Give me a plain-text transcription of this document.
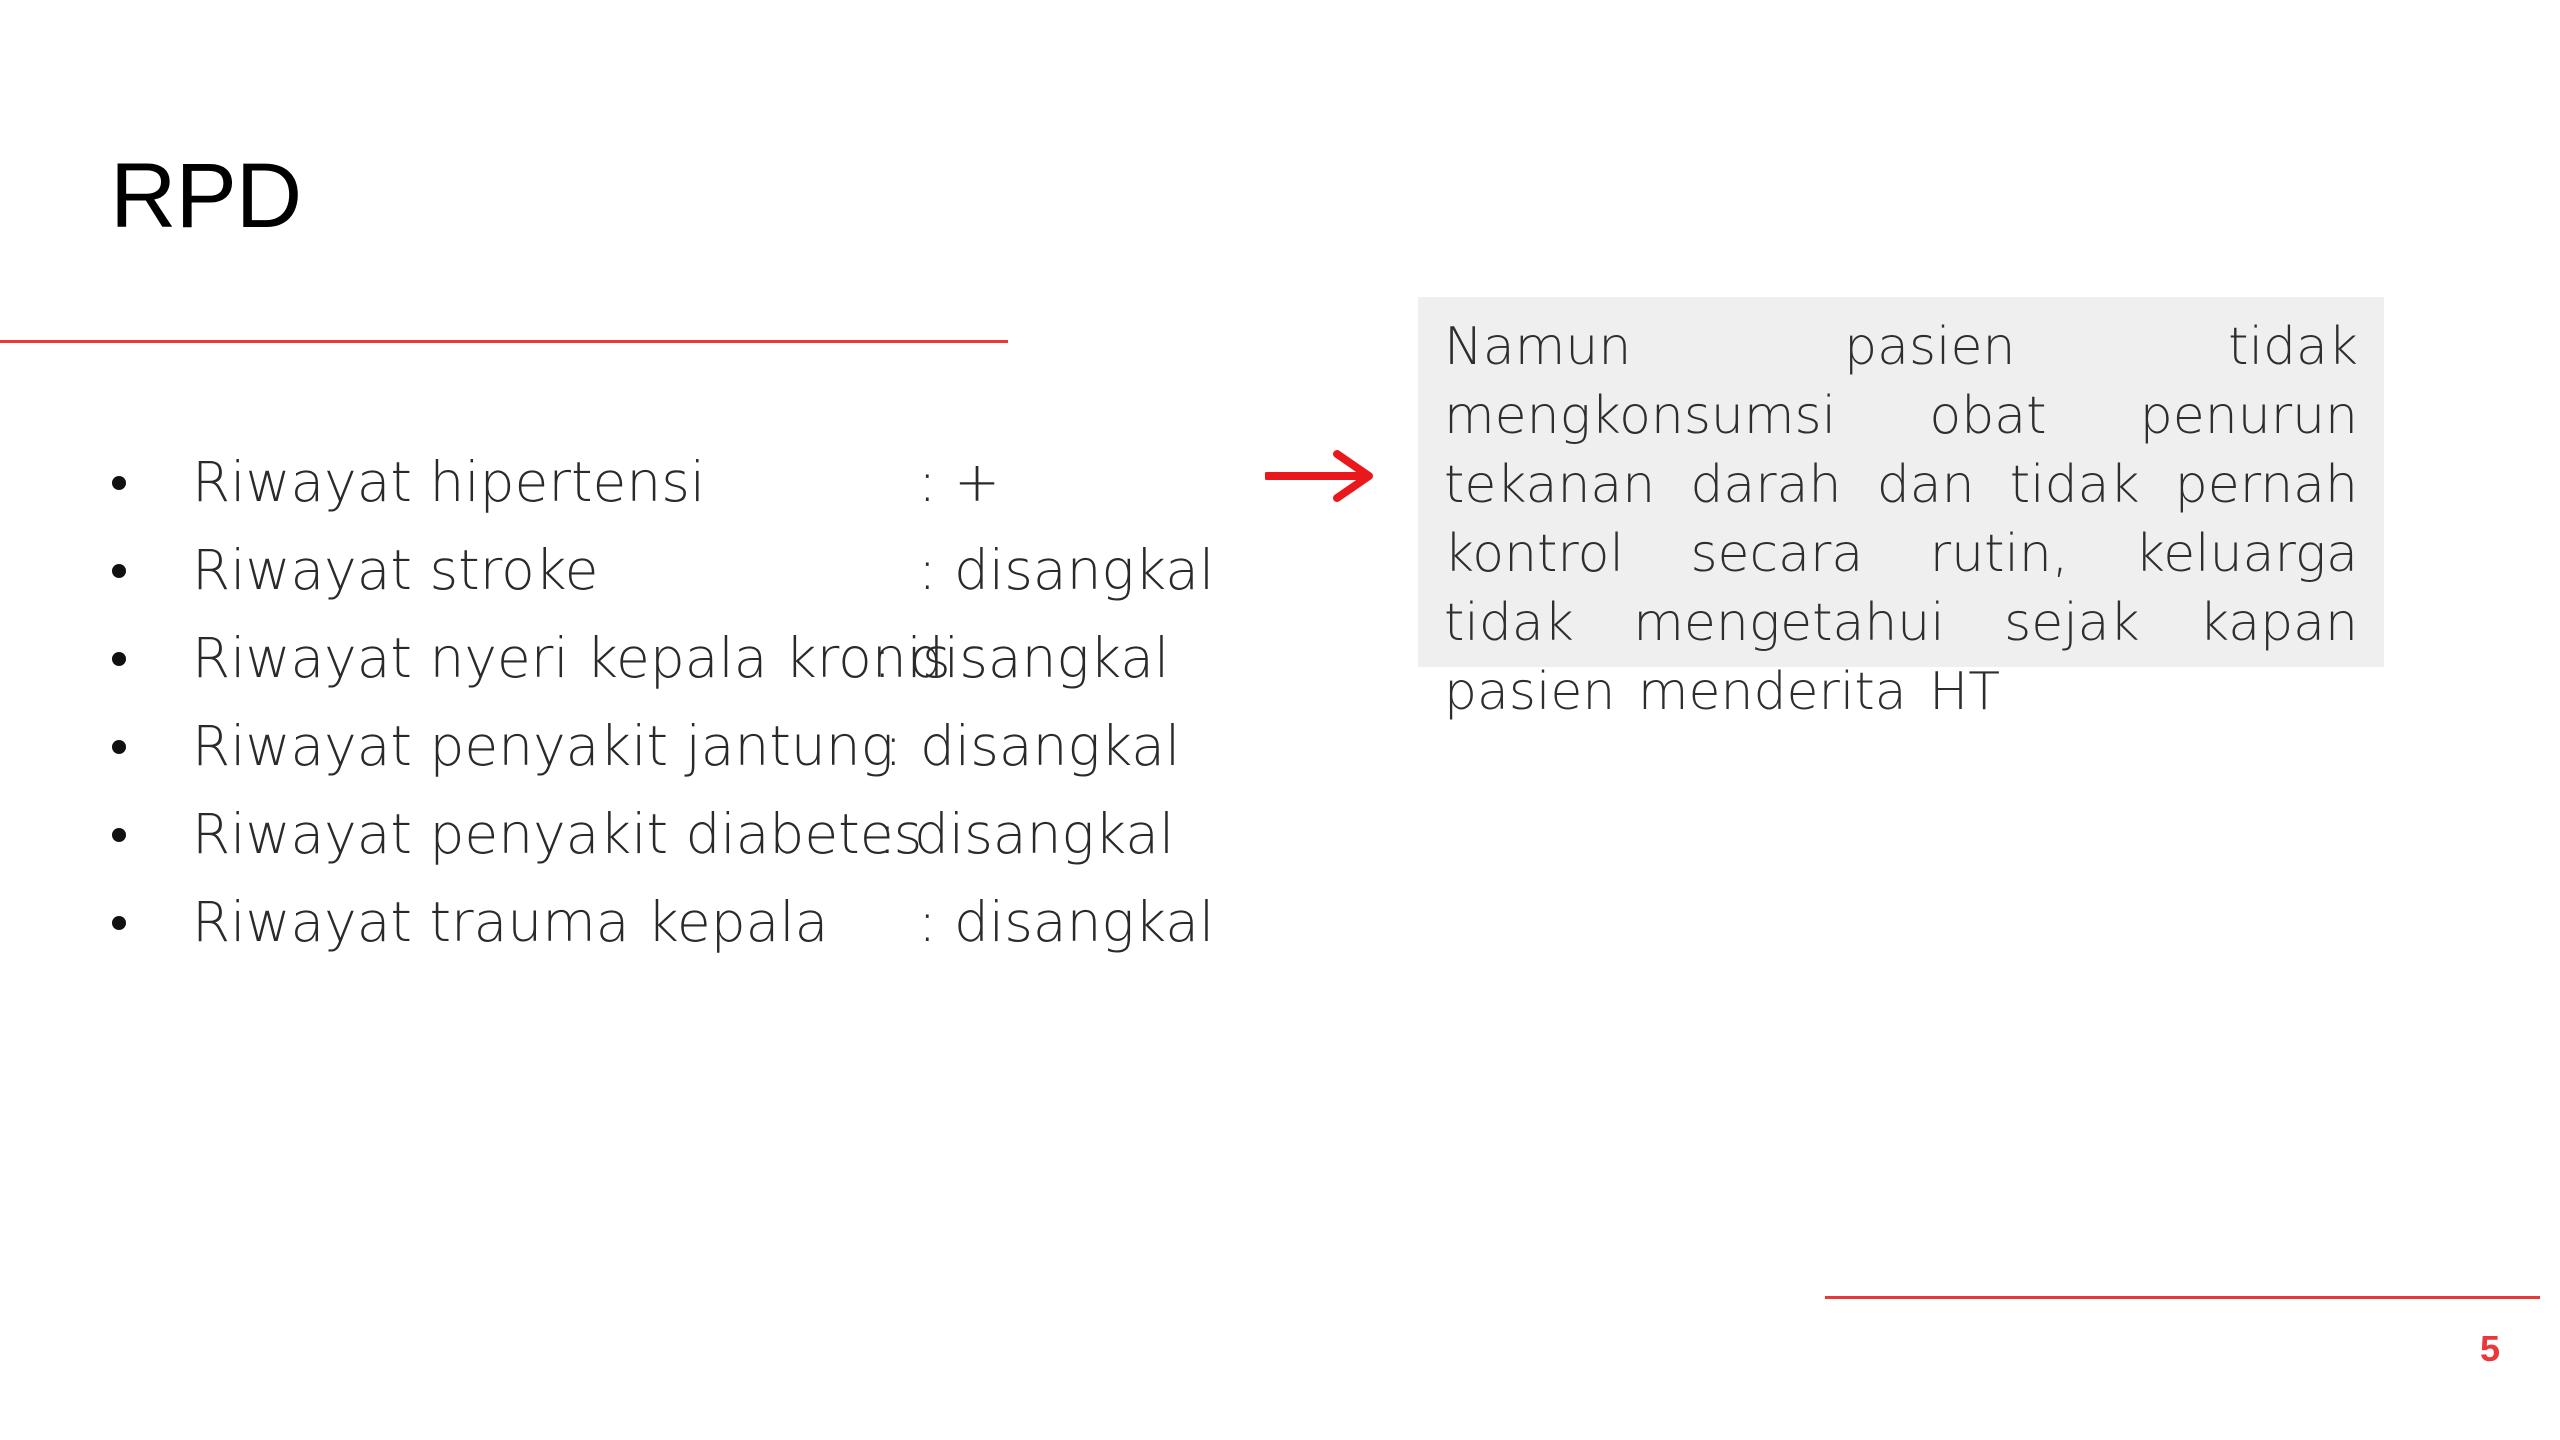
RPD
Riwayat hipertensi	: +
Riwayat stroke	: disangkal
Riwayat nyeri kepala kronis
: disangkal
Riwayat penyakit jantung
: disangkal
Riwayat penyakit diabetes
: disangkal
Riwayat trauma kepala : disangkal

Namun pasien tidak mengkonsumsi obat penurun tekanan darah dan tidak pernah kontrol secara rutin, keluarga tidak mengetahui sejak kapan pasien menderita HT

5
